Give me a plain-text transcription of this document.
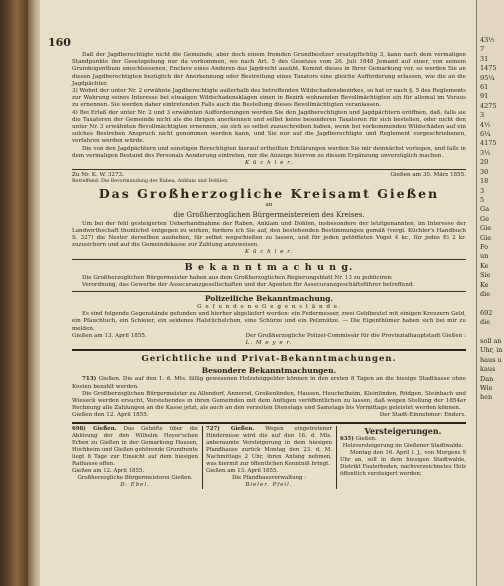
160

Daß der Jagdberechtigte nicht die Gemeinde, aber doch einem fremden Grundbesitzer ersatzpflichtig 3, kann nach dem vermaligen Standpunkte der Gesetzgebung nur da vorkommen, wo nach Art. 5 des Gesetzes vom 26. Juli 1848 Jemand auf einer, von seinem Grundeigenthum umschlossenen, Enclave eines Anderen das Jagdrecht ausübt. Kommt dieses in Ihrer Gemarkung vor, so werden Sie an diesen Jagdberechtigten bezüglich der Anerkennung oder Bestreitung eines Taxators eine gleiche Aufforderung erlassen, wie die an die Jagdpächter.

3) Wohnt der unter Nr. 2 erwähnte Jagdberechtigte außerhalb des betreffenden Wildschadensbezirkes, so hat er nach §. 5 des Reglements zur Wahrung seines Interesse bei etwaigen Wildschadensklagen einen in Bezirk wohnenden Bevollmächtigten ein für allemal im Voraus zu ernennen. Sie werden daher eintretenden Falls auch die Bestellung dieses Bevollmächtigten veranlassen.

4) Bei Erlaß der unter Nr. 2 und 3 erwähnten Aufforderungen werden Sie den Jagdberechtigten und Jagdpächtern eröffnen, daß, falls sie die Taxatoren der Gemeinde nicht als die ihrigen anerkennen und selbst keine besonderen Taxatoren für sich bestellen, oder nicht den unter Nr. 3 erwähnten Bevollmächtigten ernennen, sie sich so selbst zuzuschreiben haben, wenn bei vorkommenden Wildschäden auf ein solches Bestreben Anspruch nicht genommen werden kann, und Sie nur auf die Jagdberechtigte und Reglement vorgeschriebenen, verfahren werden würde.

Die von den Jagdpächtern und sonstigen Berechtigten hierauf ertheilten Erklärungen werden Sie mir demnächst vorlegen, und falls in dem vermaligen Bestand des Personals Aenderung eintreten, mir die Anzeige hiervon zu diesem Ergänzung unverzüglich machen.

K ü c h l e r.
Zu Nr. K. W. 3273.	Gießen am 30. März 1855.
Betreffend: Die Bevormundung der Rabea, Anklam und Doblien.
Das Großherzogliche Kreisamt Gießen
an
die Großherzoglichen Bürgermeistereien des Kreises.

Um bei der fehl gesteigerten Ueberhandnahme der Raben, Anklam und Dohlen, insbesondere der letztgenannten, im Interesse der Landwirthschaft thunlichst entgegen zu wirken, fordere ich Sie auf, den bestehenden Bestimmungen gemäß (vergl. Küchler's Handbuch S. 327) die Nester derselben ausheben, für selbst wegschießen zu lassen, und für jeden getödteten Vogel 4 kr., für jedes Ei 2 kr. zuzusichern und auf die Gemeindekasse zur Zahlung anzuweisen.

K ü c h l e r.
B e k a n n t m a c h u n g.

Die Großherzoglichen Bürgermeister haben aus dem Großherzoglichen Regierungsblatt Nr. 13 zu publiciren:

Verordnung, das Gewerbe der Assecuranzgesellschaften und der Agenten für Assecuranzgeschäftsführer betreffend.

Polizeiliche Bekanntmachung.
G e f u n d e n e G e g e n s t ä n d e.

Es sind folgende Gegenstände gefunden und hierher abgeliefert worden: ein Federmesser, zwei Geldbeutel mit einigen Kreuzern Geld, ein Pfauchtuch, ein Schleier, ein seidenes Halstüchelchen, eine Schürze und ein Pelzmütze. — Die Eigenthümer haben sich bei mir zu melden.

Gießen am 13. April 1855.	Der Großherzogliche Polizei-Commissär für die Provinzialhauptstadt Gießen :
L. M e y e r.
Gerichtliche und Privat-Bekanntmachungen.
Besondere Bekanntmachungen.

713) Gießen. Die auf den 1. d. Mts. fällig gewesenen Holzsteiggelder können in den ersten 8 Tagen an die hiesige Stadtkasse ohne Kosten bezahlt werden.

Die Großherzoglichen Bürgermeister zu Allendorf, Annerod, Großenlinden, Hausen, Heuchelheim, Kleinlinden, Rödgen, Steinbach und Wieseck werden ersucht, Vorstehendes in ihren Gemeinden mit dem Anfügen veröffentlichen zu lassen, daß wegen Stellung der 1854er Rechnung alle Zahlungen an die Kasse jetzt, als auch an den verzeiten Dienstags und Samstags bis Vormittags geleistet werden können.

Gießen den 12. April 1855.	Der Stadt-Einnehmer: Enders.

698) Gießen. Das Gehöfte über die Ablösung der den Wilhelm Heyer'schen Erben zu Gießen in der Gemarkung Hausen, Hochheim und Gießen gehörende Grundrente liegt 8 Tage zur Einsicht auf dem hiesigen Rathause offen.

Gießen am 12. April 1855.
Großherzogliche Bürgermeisterei Gießen.
D. Ebel.

727) Gießen. Wegen eingetretener Hindernisse wird die auf den 16. d. Mts. anberaumte Versteigerung in dem hiesigen Pfandhause zurück Montag den 23. d. M. Nachmittags 2 Uhr, ihren Anfang nehmen, was hiermit zur öffentlichen Kenntniß bringt.

Gießen am 13. April 1855.
Die Pfandhausverwaltung :
Bieler. Pfeil.
Versteigerungen.

635) Gießen.

Holzversteigerung im Gießener Stadtwalde.

Montag den 16. April l. J., von Morgens 9 Uhr an, soll in dem hiesigen Stadtwalde, Distrikt Faulerboden, nachverzeichnetes Holz öffentlich versteigert werden:

43½
7
31
1475
95¼
61
91
4275
3
4½
6¼
4175
3½
20
30
18
3
5
Ga
Ge
Gie
Gie
Fo
un
Ke
Sie
Ke
die

692
die

soll an
Uhr, in
haus u
kaus
Dan
Wie
hen
